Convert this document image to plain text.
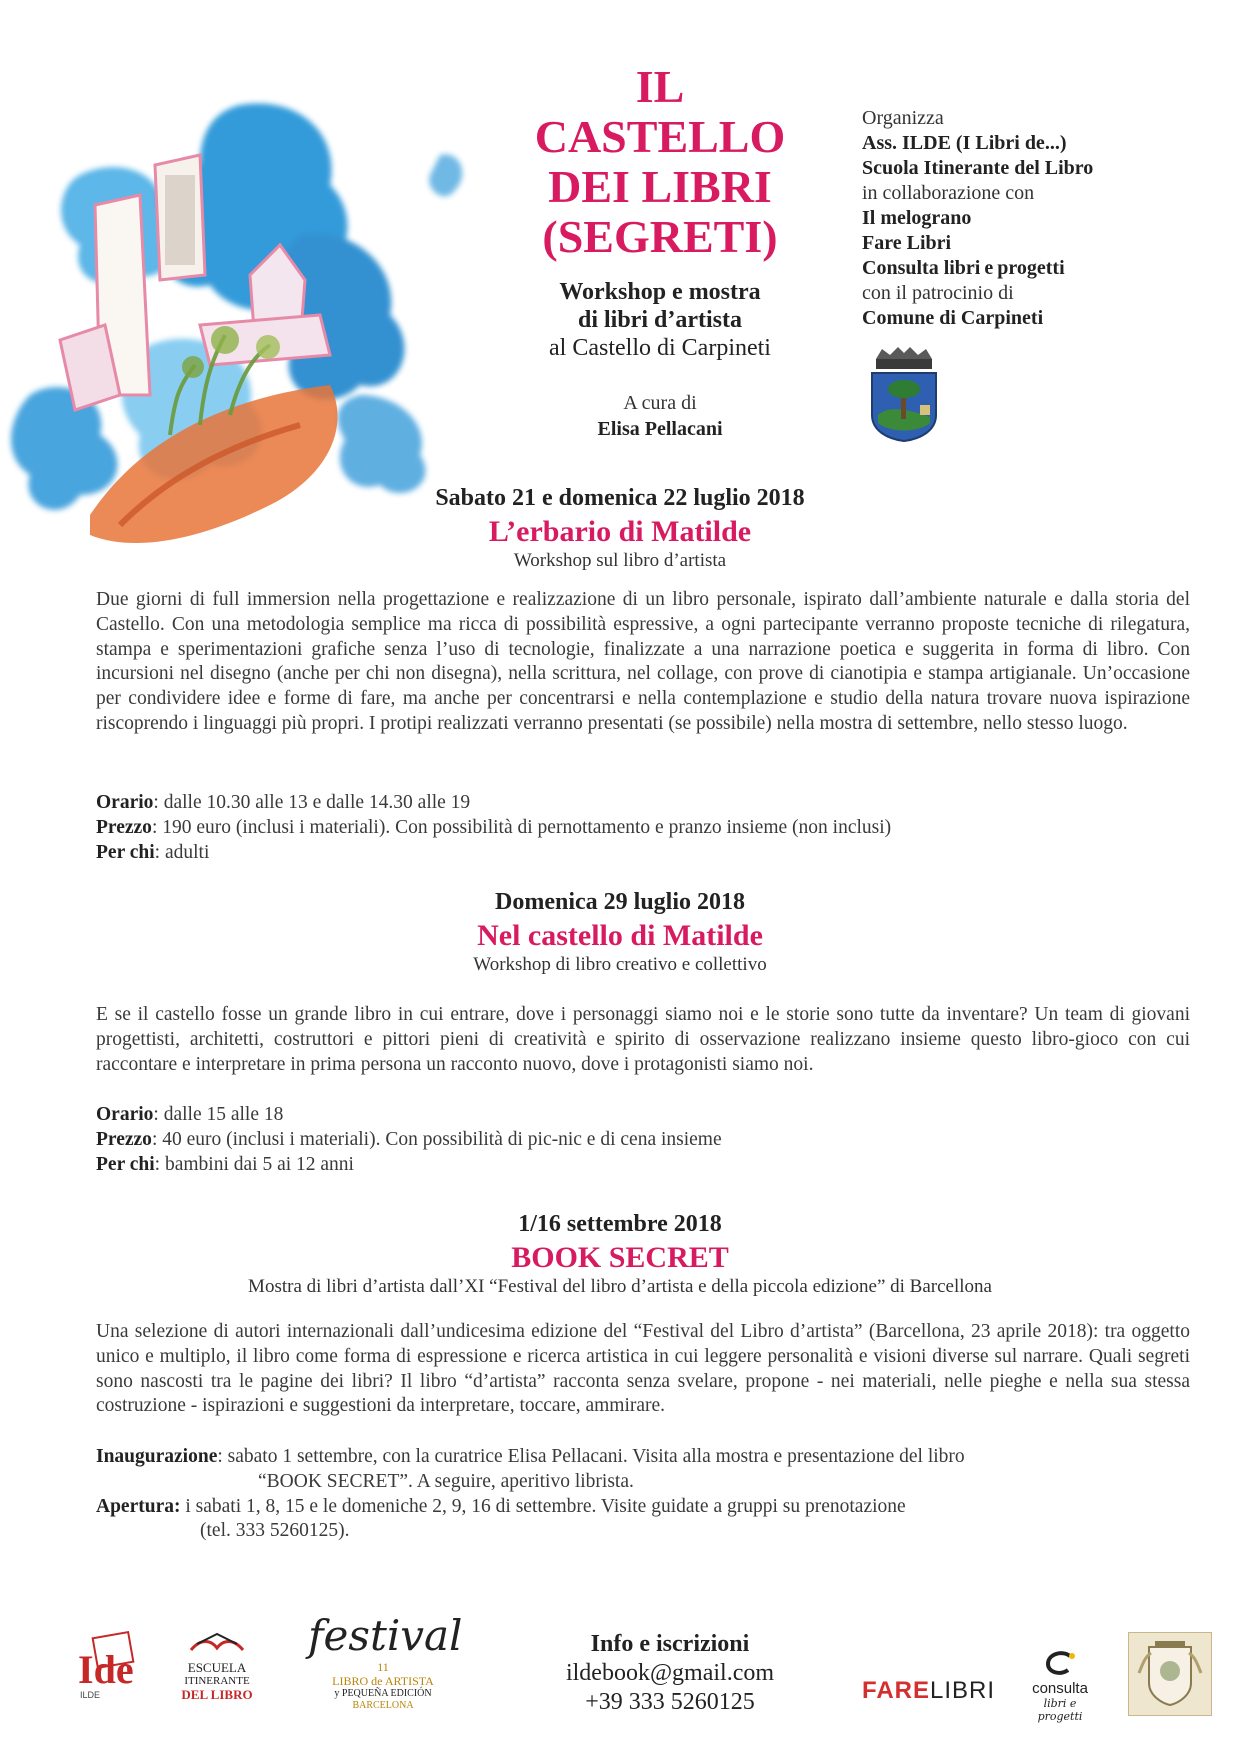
IL
CASTELLO
DEI LIBRI
(SEGRETI)
Workshop e mostra
di libri d’artista
al Castello di Carpineti
A cura di
Elisa Pellacani
Organizza
Ass. ILDE (I Libri de...)
Scuola Itinerante del Libro
in collaborazione con
Il melograno
Fare Libri
Consulta libri e progetti
con il patrocinio di
Comune di Carpineti
Sabato 21 e domenica 22 luglio 2018
L’erbario di Matilde
Workshop sul libro d’artista
Due giorni di full immersion nella progettazione e realizzazione di un libro personale, ispirato dall’ambiente naturale e dalla storia del Castello. Con una metodologia semplice ma ricca di possibilità espressive, a ogni partecipante verranno proposte tecniche di rilegatura, stampa e sperimentazioni grafiche senza l’uso di tecnologie, finalizzate a una narrazione poetica e suggerita in forma di libro. Con incursioni nel disegno (anche per chi non disegna), nella scrittura, nel collage, con prove di cianotipia e stampa artigianale. Un’occasione per condividere idee e forme di fare, ma anche per concentrarsi e nella contemplazione e studio della natura trovare nuova ispirazione riscoprendo i linguaggi più propri. I protipi realizzati verranno presentati (se possibile) nella mostra di settembre, nello stesso luogo.
Orario: dalle 10.30 alle 13 e dalle 14.30 alle 19
Prezzo: 190 euro (inclusi i materiali). Con possibilità di pernottamento e pranzo insieme (non inclusi)
Per chi: adulti
Domenica 29 luglio 2018
Nel castello di Matilde
Workshop di libro creativo e collettivo
E se il castello fosse un grande libro in cui entrare, dove i personaggi siamo noi e le storie sono tutte da inventare? Un team di giovani progettisti, architetti, costruttori e pittori pieni di creatività e spirito di osservazione realizzano insieme questo libro-gioco con cui raccontare e interpretare in prima persona un racconto nuovo, dove i protagonisti siamo noi.
Orario: dalle 15 alle 18
Prezzo: 40 euro (inclusi i materiali). Con possibilità di pic-nic e di cena insieme
Per chi: bambini dai 5 ai 12 anni
1/16 settembre 2018
BOOK SECRET
Mostra di libri d’artista dall’XI “Festival del libro d’artista e della piccola edizione” di Barcellona
Una selezione di autori internazionali dall’undicesima edizione del “Festival del Libro d’artista” (Barcellona, 23 aprile 2018): tra oggetto unico e multiplo, il libro come forma di espressione e ricerca artistica in cui leggere personalità e visioni diverse sul narrare. Quali segreti sono nascosti tra le pagine dei libri? Il libro “d’artista” racconta senza svelare, propone - nei materiali, nelle pieghe e nella sua stessa costruzione - ispirazioni e suggestioni da interpretare, toccare, ammirare.
Inaugurazione: sabato 1 settembre, con la curatrice Elisa Pellacani. Visita alla mostra e presentazione del libro
“BOOK SECRET”. A seguire, aperitivo librista.
Apertura: i sabati 1, 8, 15 e le domeniche 2, 9, 16 di settembre. Visite guidate a gruppi su prenotazione
(tel. 333 5260125).
Ide
ILDE
ESCUELA
ITINERANTE
DEL LIBRO
festival
11
LIBRO de ARTISTA
y PEQUEÑA EDICIÓN
BARCELONA
Info e iscrizioni
ildebook@gmail.com
+39 333 5260125	FARELIBRI	consulta
libri e progetti
